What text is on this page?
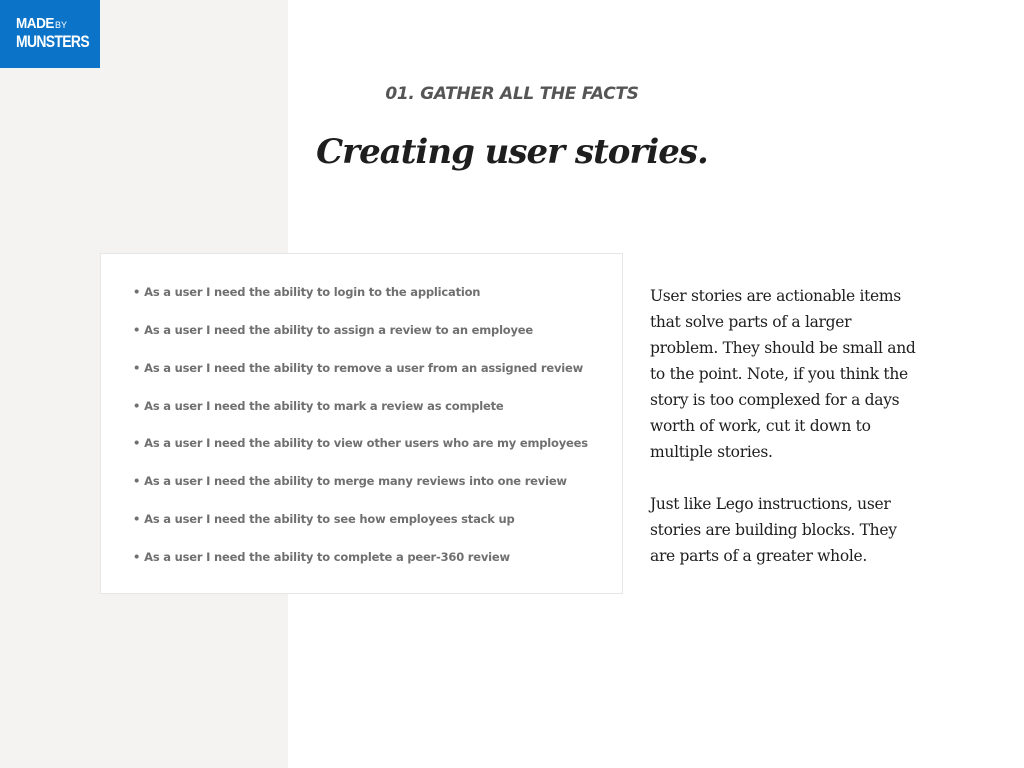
MADE BY
MUNSTERS
01. GATHER ALL THE FACTS
Creating user stories.
• As a user I need the ability to login to the application
• As a user I need the ability to assign a review to an employee
• As a user I need the ability to remove a user from an assigned review
• As a user I need the ability to mark a review as complete
• As a user I need the ability to view other users who are my employees
• As a user I need the ability to merge many reviews into one review
• As a user I need the ability to see how employees stack up
• As a user I need the ability to complete a peer-360 review

User stories are actionable items that solve parts of a larger problem. They should be small and to the point. Note, if you think the story is too complexed for a days worth of work, cut it down to multiple stories.

Just like Lego instructions, user stories are building blocks. They are parts of a greater whole.
